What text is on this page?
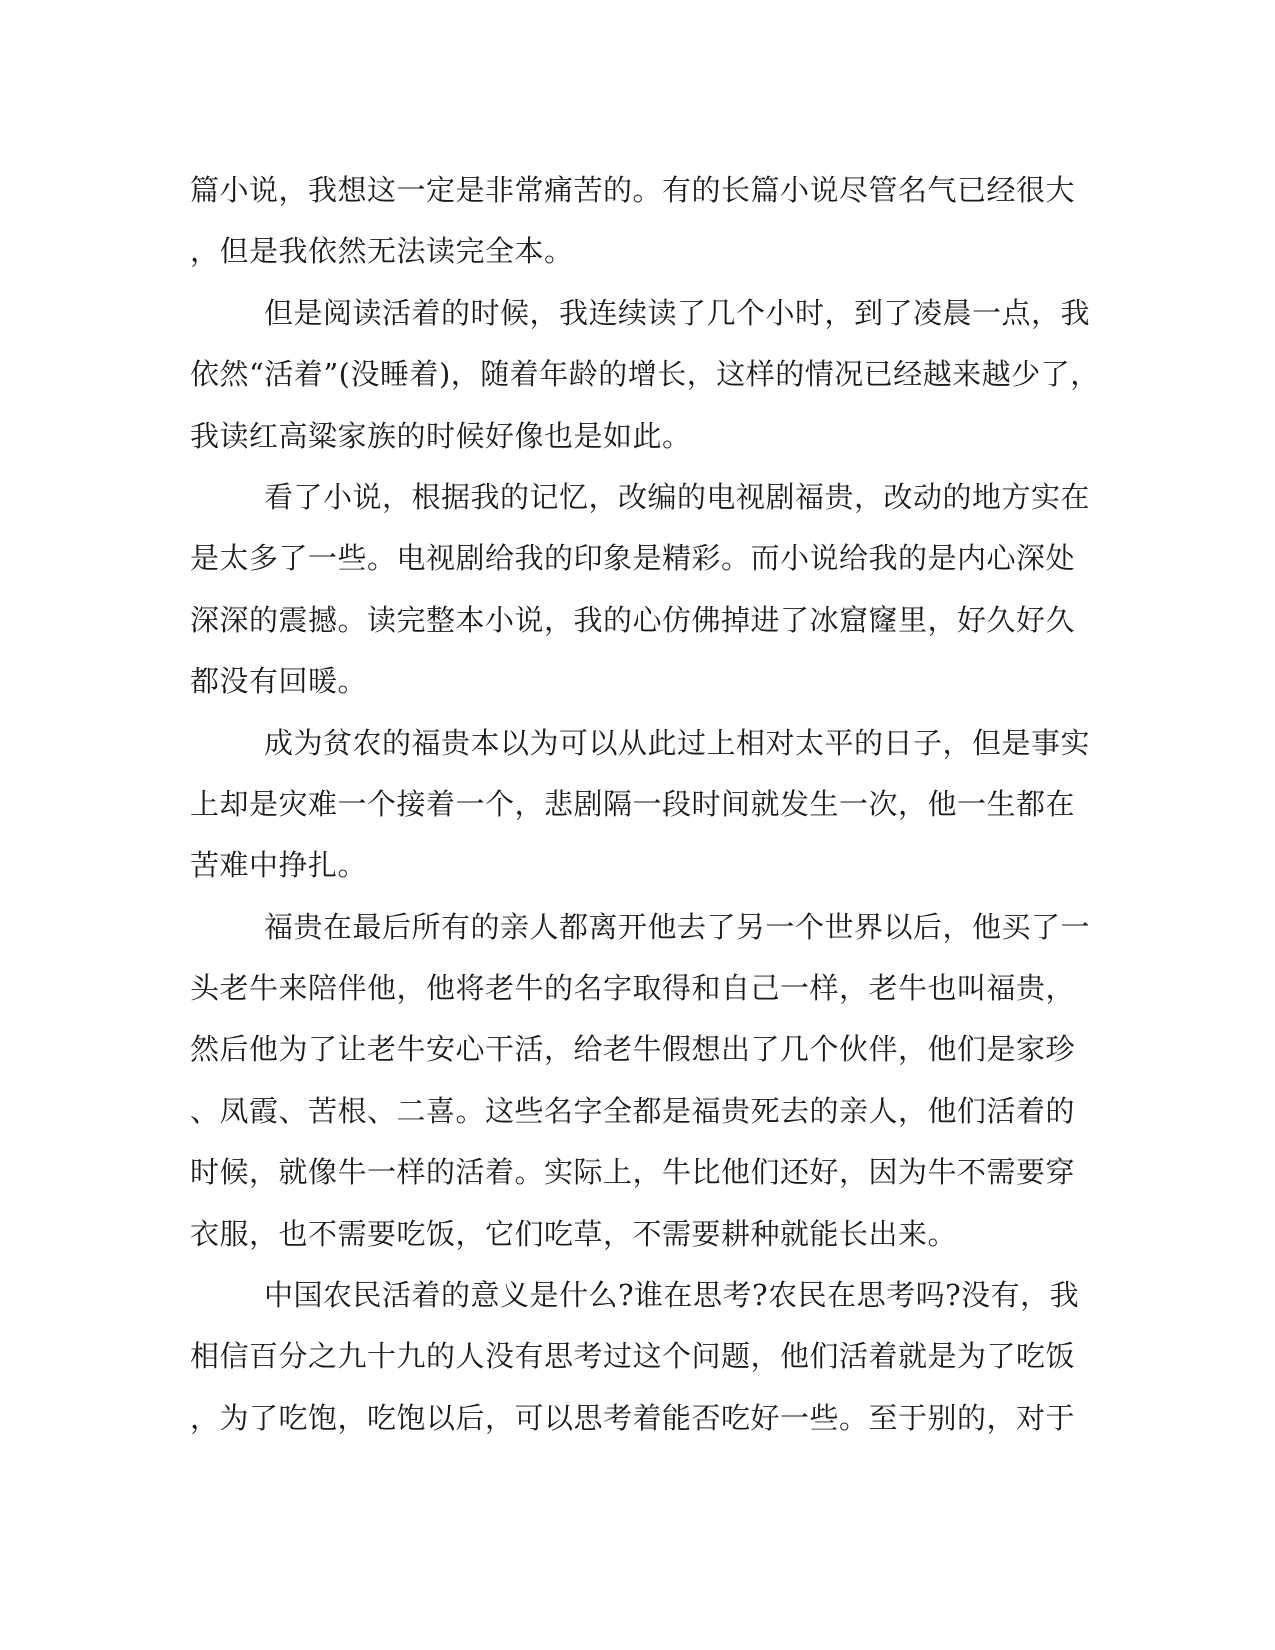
篇小说，我想这一定是非常痛苦的。有的长篇小说尽管名气已经很大
，但是我依然无法读完全本。
但是阅读活着的时候，我连续读了几个小时，到了凌晨一点，我
依然“活着”(没睡着)，随着年龄的增长，这样的情况已经越来越少了，
我读红高粱家族的时候好像也是如此。
看了小说，根据我的记忆，改编的电视剧福贵，改动的地方实在
是太多了一些。电视剧给我的印象是精彩。而小说给我的是内心深处
深深的震撼。读完整本小说，我的心仿佛掉进了冰窟窿里，好久好久
都没有回暖。
成为贫农的福贵本以为可以从此过上相对太平的日子，但是事实
上却是灾难一个接着一个，悲剧隔一段时间就发生一次，他一生都在
苦难中挣扎。
福贵在最后所有的亲人都离开他去了另一个世界以后，他买了一
头老牛来陪伴他，他将老牛的名字取得和自己一样，老牛也叫福贵，
然后他为了让老牛安心干活，给老牛假想出了几个伙伴，他们是家珍
、凤霞、苦根、二喜。这些名字全都是福贵死去的亲人，他们活着的
时候，就像牛一样的活着。实际上，牛比他们还好，因为牛不需要穿
衣服，也不需要吃饭，它们吃草，不需要耕种就能长出来。
中国农民活着的意义是什么?谁在思考?农民在思考吗?没有，我
相信百分之九十九的人没有思考过这个问题，他们活着就是为了吃饭
，为了吃饱，吃饱以后，可以思考着能否吃好一些。至于别的，对于
